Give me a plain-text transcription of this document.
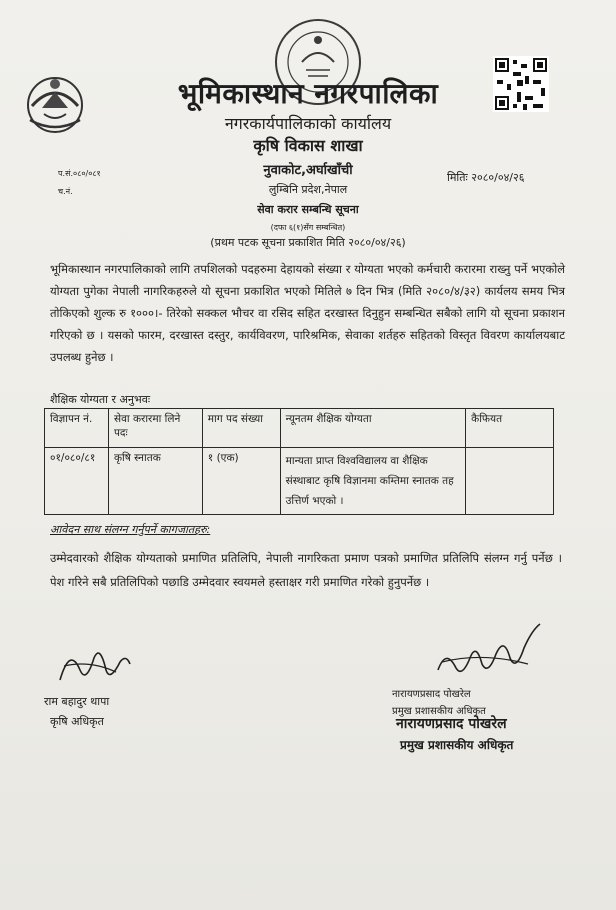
भूमिकास्थान नगरपालिका
नगरकार्यपालिकाको कार्यालय
कृषि विकास शाखा
नुवाकोट,अर्घाखाँची
लुम्बिनि प्रदेश,नेपाल
सेवा करार सम्बन्धि सूचना
(दफा ६(१)सँग सम्बन्धित)
(प्रथम पटक सूचना प्रकाशित मिति २०८०/०४/२६)
प.सं.०८०/०८१
च.नं.
मितिः २०८०/०४/२६
भूमिकास्थान नगरपालिकाको लागि तपशिलको पदहरुमा देहायको संख्या र योग्यता भएको कर्मचारी करारमा राख्नु पर्ने भएकोले योग्यता पुगेका नेपाली नागरिकहरुले यो सूचना प्रकाशित भएको मितिले ७ दिन भित्र (मिति २०८०/४/३२) कार्यलय समय भित्र तोकिएको शुल्क रु १०००।- तिरेको सक्कल भौचर वा रसिद सहित दरखास्त दिनुहुन सम्बन्धित सबैको लागि यो सूचना प्रकाशन गरिएको छ । यसको फारम, दरखास्त दस्तुर, कार्यविवरण, पारिश्रमिक, सेवाका शर्तहरु सहितको विस्तृत विवरण कार्यालयबाट उपलब्ध हुनेछ ।
शैक्षिक योग्यता र अनुभवः
विज्ञापन नं.	सेवा करारमा लिने पदः	माग पद संख्या	न्यूनतम शैक्षिक योग्यता	कैफियत
०१/०८०/८१	कृषि स्नातक	१ (एक)	मान्यता प्राप्त विश्वविद्यालय वा शैक्षिक संस्थाबाट कृषि विज्ञानमा कम्तिमा स्नातक तह उत्तिर्ण भएको ।	
आवेदन साथ संलग्न गर्नुपर्ने कागजातहरु:
उम्मेदवारको शैक्षिक योग्यताको प्रमाणित प्रतिलिपि, नेपाली नागरिकता प्रमाण पत्रको प्रमाणित प्रतिलिपि संलग्न गर्नु पर्नेछ । पेश गरिने सबै प्रतिलिपिको पछाडि उम्मेदवार स्वयमले हस्ताक्षर गरी प्रमाणित गरेको हुनुपर्नेछ ।
राम बहादुर थापा
कृषि अधिकृत
नारायणप्रसाद पोखरेल
प्रमुख प्रशासकीय अधिकृत
नारायणप्रसाद पोखरेल
प्रमुख प्रशासकीय अधिकृत
